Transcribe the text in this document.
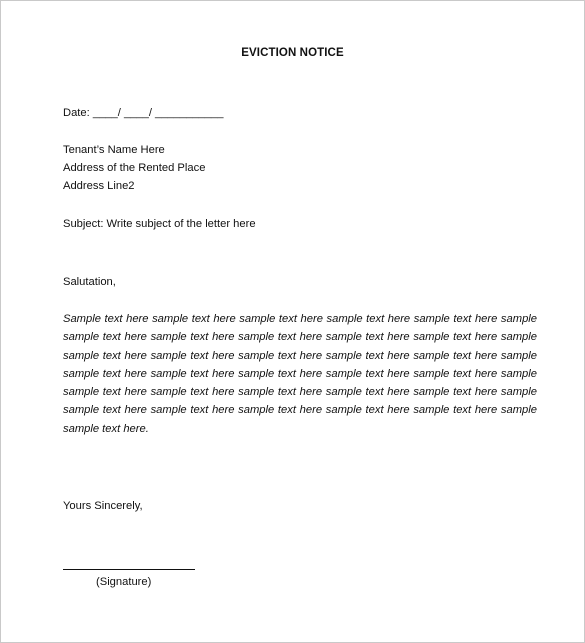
EVICTION NOTICE
Date: ____/ ____/ ___________
Tenant’s Name Here
Address of the Rented Place
Address Line2
Subject: Write subject of the letter here
Salutation,
Sample text here sample text here sample text here sample text here sample text here sample
sample text here sample text here sample text here sample text here sample text here sample
sample text here sample text here sample text here sample text here sample text here sample
sample text here sample text here sample text here sample text here sample text here sample
sample text here sample text here sample text here sample text here sample text here sample
sample text here sample text here sample text here sample text here sample text here sample
sample text here.
Yours Sincerely,
(Signature)
